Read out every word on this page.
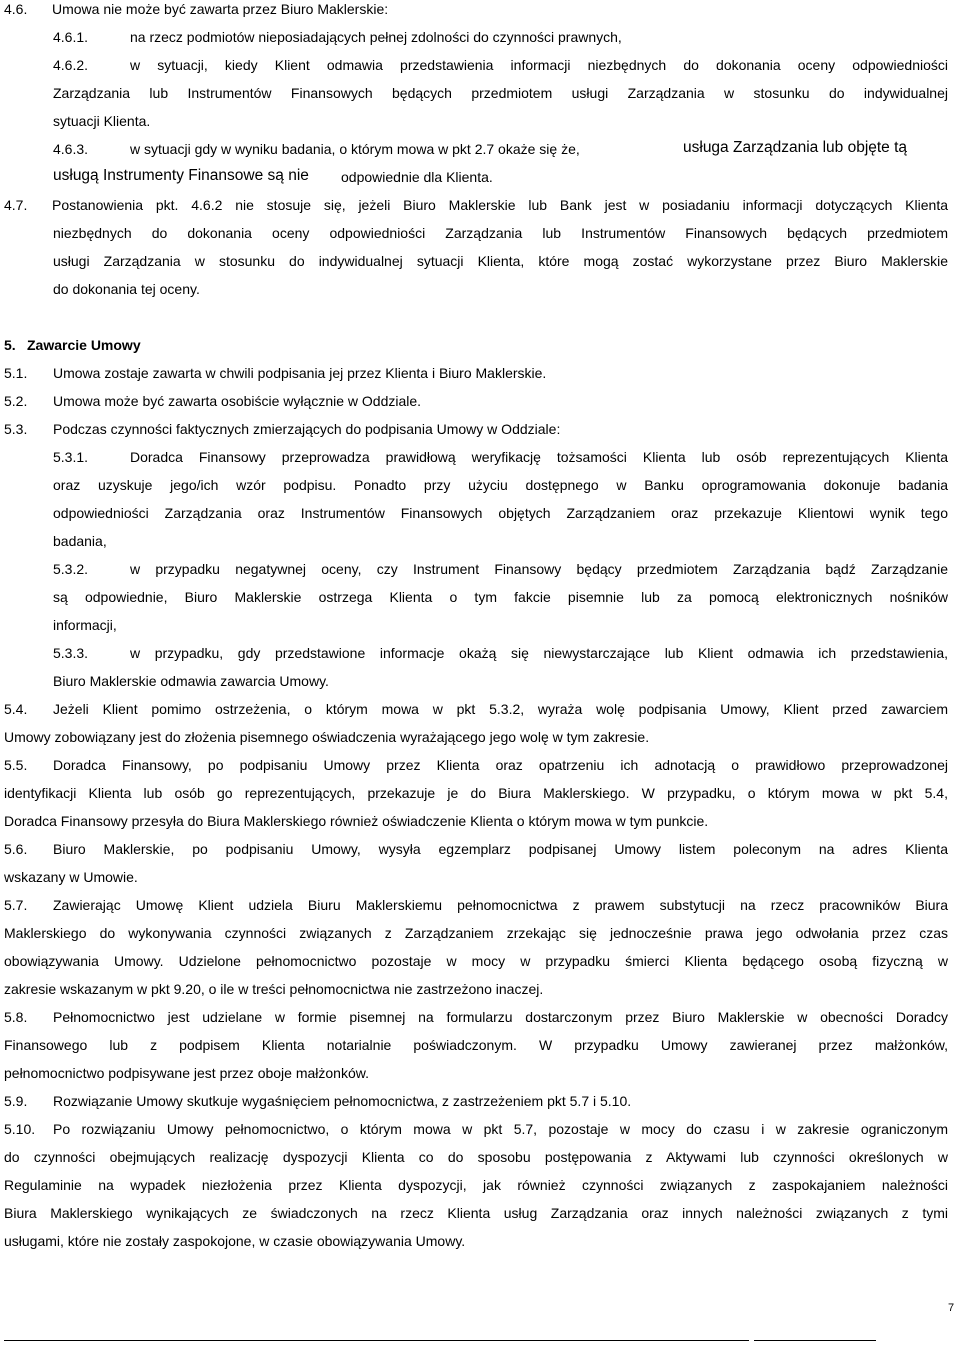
4.6. Umowa nie może być zawarta przez Biuro Maklerskie:
4.6.1.	na rzecz podmiotów nieposiadających pełnej zdolności do czynności prawnych,
4.6.2.	w sytuacji, kiedy Klient odmawia przedstawienia informacji niezbędnych do dokonania oceny odpowiedniości
Zarządzania lub Instrumentów Finansowych będących przedmiotem usługi Zarządzania w stosunku do indywidualnej
sytuacji Klienta.
4.6.3.	w sytuacji gdy w wyniku badania, o którym mowa w pkt 2.7 okaże się że,	usługa Zarządzania lub objęte tą
usługą Instrumenty Finansowe są nie odpowiednie dla Klienta.
4.7. Postanowienia pkt. 4.6.2 nie stosuje się, jeżeli Biuro Maklerskie lub Bank jest w posiadaniu informacji dotyczących Klienta
niezbędnych do dokonania oceny odpowiedniości Zarządzania lub Instrumentów Finansowych będących przedmiotem
usługi Zarządzania w stosunku do indywidualnej sytuacji Klienta, które mogą zostać wykorzystane przez Biuro Maklerskie
do dokonania tej oceny.
5. Zawarcie Umowy
5.1. Umowa zostaje zawarta w chwili podpisania jej przez Klienta i Biuro Maklerskie.
5.2. Umowa może być zawarta osobiście wyłącznie w Oddziale.
5.3. Podczas czynności faktycznych zmierzających do podpisania Umowy w Oddziale:
5.3.1.	Doradca Finansowy przeprowadza prawidłową weryfikację tożsamości Klienta lub osób reprezentujących Klienta
oraz uzyskuje jego/ich wzór podpisu. Ponadto przy użyciu dostępnego w Banku oprogramowania dokonuje badania
odpowiedniości Zarządzania oraz Instrumentów Finansowych objętych Zarządzaniem oraz przekazuje Klientowi wynik tego
badania,
5.3.2.	w przypadku negatywnej oceny, czy Instrument Finansowy będący przedmiotem Zarządzania bądź Zarządzanie
są odpowiednie, Biuro Maklerskie ostrzega Klienta o tym fakcie pisemnie lub za pomocą elektronicznych nośników
informacji,
5.3.3.	w przypadku, gdy przedstawione informacje okażą się niewystarczające lub Klient odmawia ich przedstawienia,
Biuro Maklerskie odmawia zawarcia Umowy.
5.4. Jeżeli Klient pomimo ostrzeżenia, o którym mowa w pkt 5.3.2, wyraża wolę podpisania Umowy, Klient przed zawarciem
Umowy zobowiązany jest do złożenia pisemnego oświadczenia wyrażającego jego wolę w tym zakresie.
5.5. Doradca Finansowy, po podpisaniu Umowy przez Klienta oraz opatrzeniu ich adnotacją o prawidłowo przeprowadzonej
identyfikacji Klienta lub osób go reprezentujących, przekazuje je do Biura Maklerskiego. W przypadku, o którym mowa w pkt 5.4,
Doradca Finansowy przesyła do Biura Maklerskiego również oświadczenie Klienta o którym mowa w tym punkcie.
5.6. Biuro Maklerskie, po podpisaniu Umowy, wysyła egzemplarz podpisanej Umowy listem poleconym na adres Klienta
wskazany w Umowie.
5.7. Zawierając Umowę Klient udziela Biuru Maklerskiemu pełnomocnictwa z prawem substytucji na rzecz pracowników Biura
Maklerskiego do wykonywania czynności związanych z Zarządzaniem zrzekając się jednocześnie prawa jego odwołania przez czas
obowiązywania Umowy. Udzielone pełnomocnictwo pozostaje w mocy w przypadku śmierci Klienta będącego osobą fizyczną w
zakresie wskazanym w pkt 9.20, o ile w treści pełnomocnictwa nie zastrzeżono inaczej.
5.8. Pełnomocnictwo jest udzielane w formie pisemnej na formularzu dostarczonym przez Biuro Maklerskie w obecności Doradcy
Finansowego lub z podpisem Klienta notarialnie poświadczonym. W przypadku Umowy zawieranej przez małżonków,
pełnomocnictwo podpisywane jest przez oboje małżonków.
5.9. Rozwiązanie Umowy skutkuje wygaśnięciem pełnomocnictwa, z zastrzeżeniem pkt 5.7 i 5.10.
5.10. Po rozwiązaniu Umowy pełnomocnictwo, o którym mowa w pkt 5.7, pozostaje w mocy do czasu i w zakresie ograniczonym
do czynności obejmujących realizację dyspozycji Klienta co do sposobu postępowania z Aktywami lub czynności określonych w
Regulaminie na wypadek niezłożenia przez Klienta dyspozycji, jak również czynności związanych z zaspokajaniem należności
Biura Maklerskiego wynikających ze świadczonych na rzecz Klienta usług Zarządzania oraz innych należności związanych z tymi
usługami, które nie zostały zaspokojone, w czasie obowiązywania Umowy.
7
